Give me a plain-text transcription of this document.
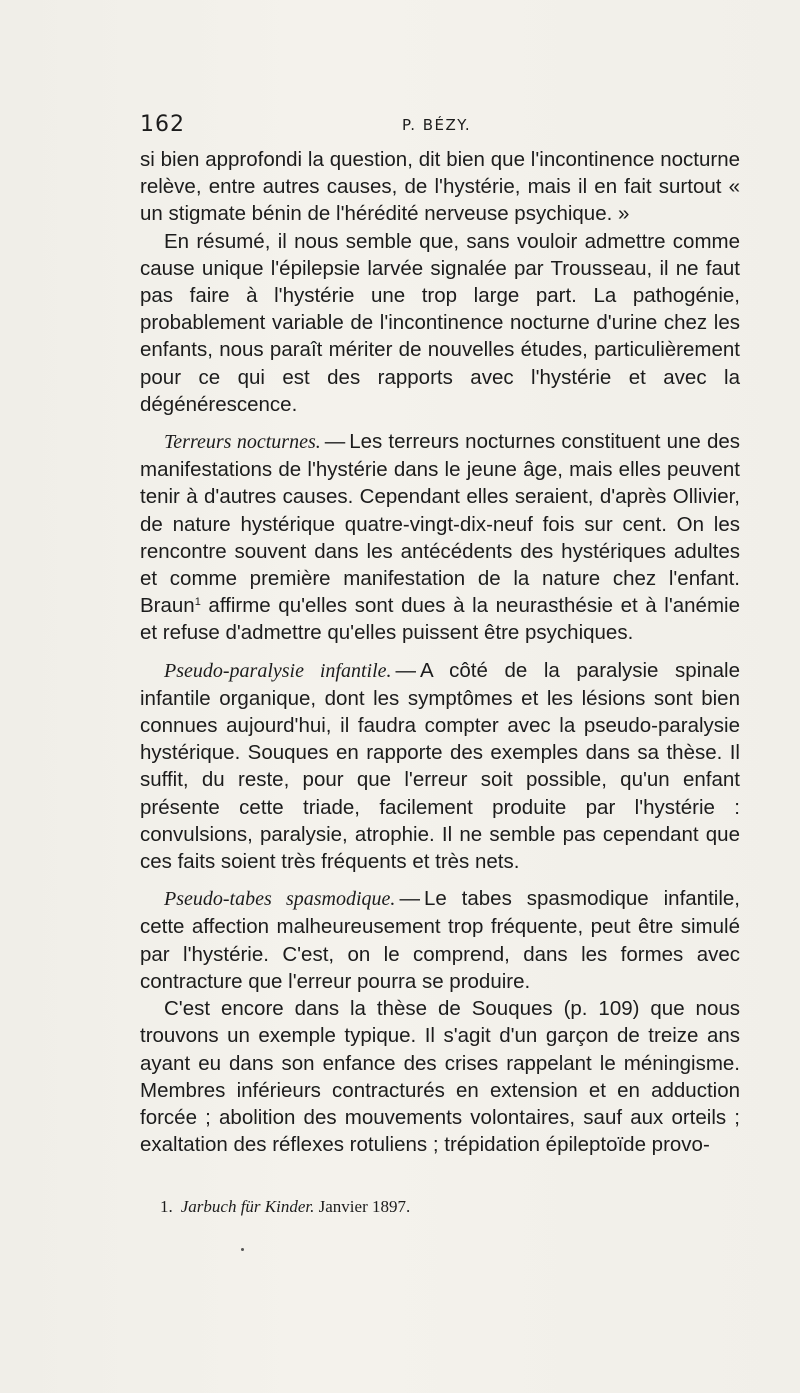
162	P. BÉZY.

si bien approfondi la question, dit bien que l'incontinence nocturne relève, entre autres causes, de l'hystérie, mais il en fait surtout « un stigmate bénin de l'hérédité nerveuse psychique. »

En résumé, il nous semble que, sans vouloir admettre comme cause unique l'épilepsie larvée signalée par Trousseau, il ne faut pas faire à l'hystérie une trop large part. La pathogénie, probablement variable de l'incontinence nocturne d'urine chez les enfants, nous paraît mériter de nouvelles études, particulièrement pour ce qui est des rapports avec l'hystérie et avec la dégénérescence.

Terreurs nocturnes. — Les terreurs nocturnes constituent une des manifestations de l'hystérie dans le jeune âge, mais elles peuvent tenir à d'autres causes. Cependant elles seraient, d'après Ollivier, de nature hystérique quatre-vingt-dix-neuf fois sur cent. On les rencontre souvent dans les antécédents des hystériques adultes et comme première manifestation de la nature chez l'enfant. Braun$^1$ affirme qu'elles sont dues à la neurasthésie et à l'anémie et refuse d'admettre qu'elles puissent être psychiques.

Pseudo-paralysie infantile. — A côté de la paralysie spinale infantile organique, dont les symptômes et les lésions sont bien connues aujourd'hui, il faudra compter avec la pseudo-paralysie hystérique. Souques en rapporte des exemples dans sa thèse. Il suffit, du reste, pour que l'erreur soit possible, qu'un enfant présente cette triade, facilement produite par l'hystérie : convulsions, paralysie, atrophie. Il ne semble pas cependant que ces faits soient très fréquents et très nets.

Pseudo-tabes spasmodique. — Le tabes spasmodique infantile, cette affection malheureusement trop fréquente, peut être simulé par l'hystérie. C'est, on le comprend, dans les formes avec contracture que l'erreur pourra se produire.

C'est encore dans la thèse de Souques (p. 109) que nous trouvons un exemple typique. Il s'agit d'un garçon de treize ans ayant eu dans son enfance des crises rappelant le méningisme. Membres inférieurs contracturés en extension et en adduction forcée ; abolition des mouvements volontaires, sauf aux orteils ; exaltation des réflexes rotuliens ; trépidation épileptoïde provo-

1. Jarbuch für Kinder. Janvier 1897.
